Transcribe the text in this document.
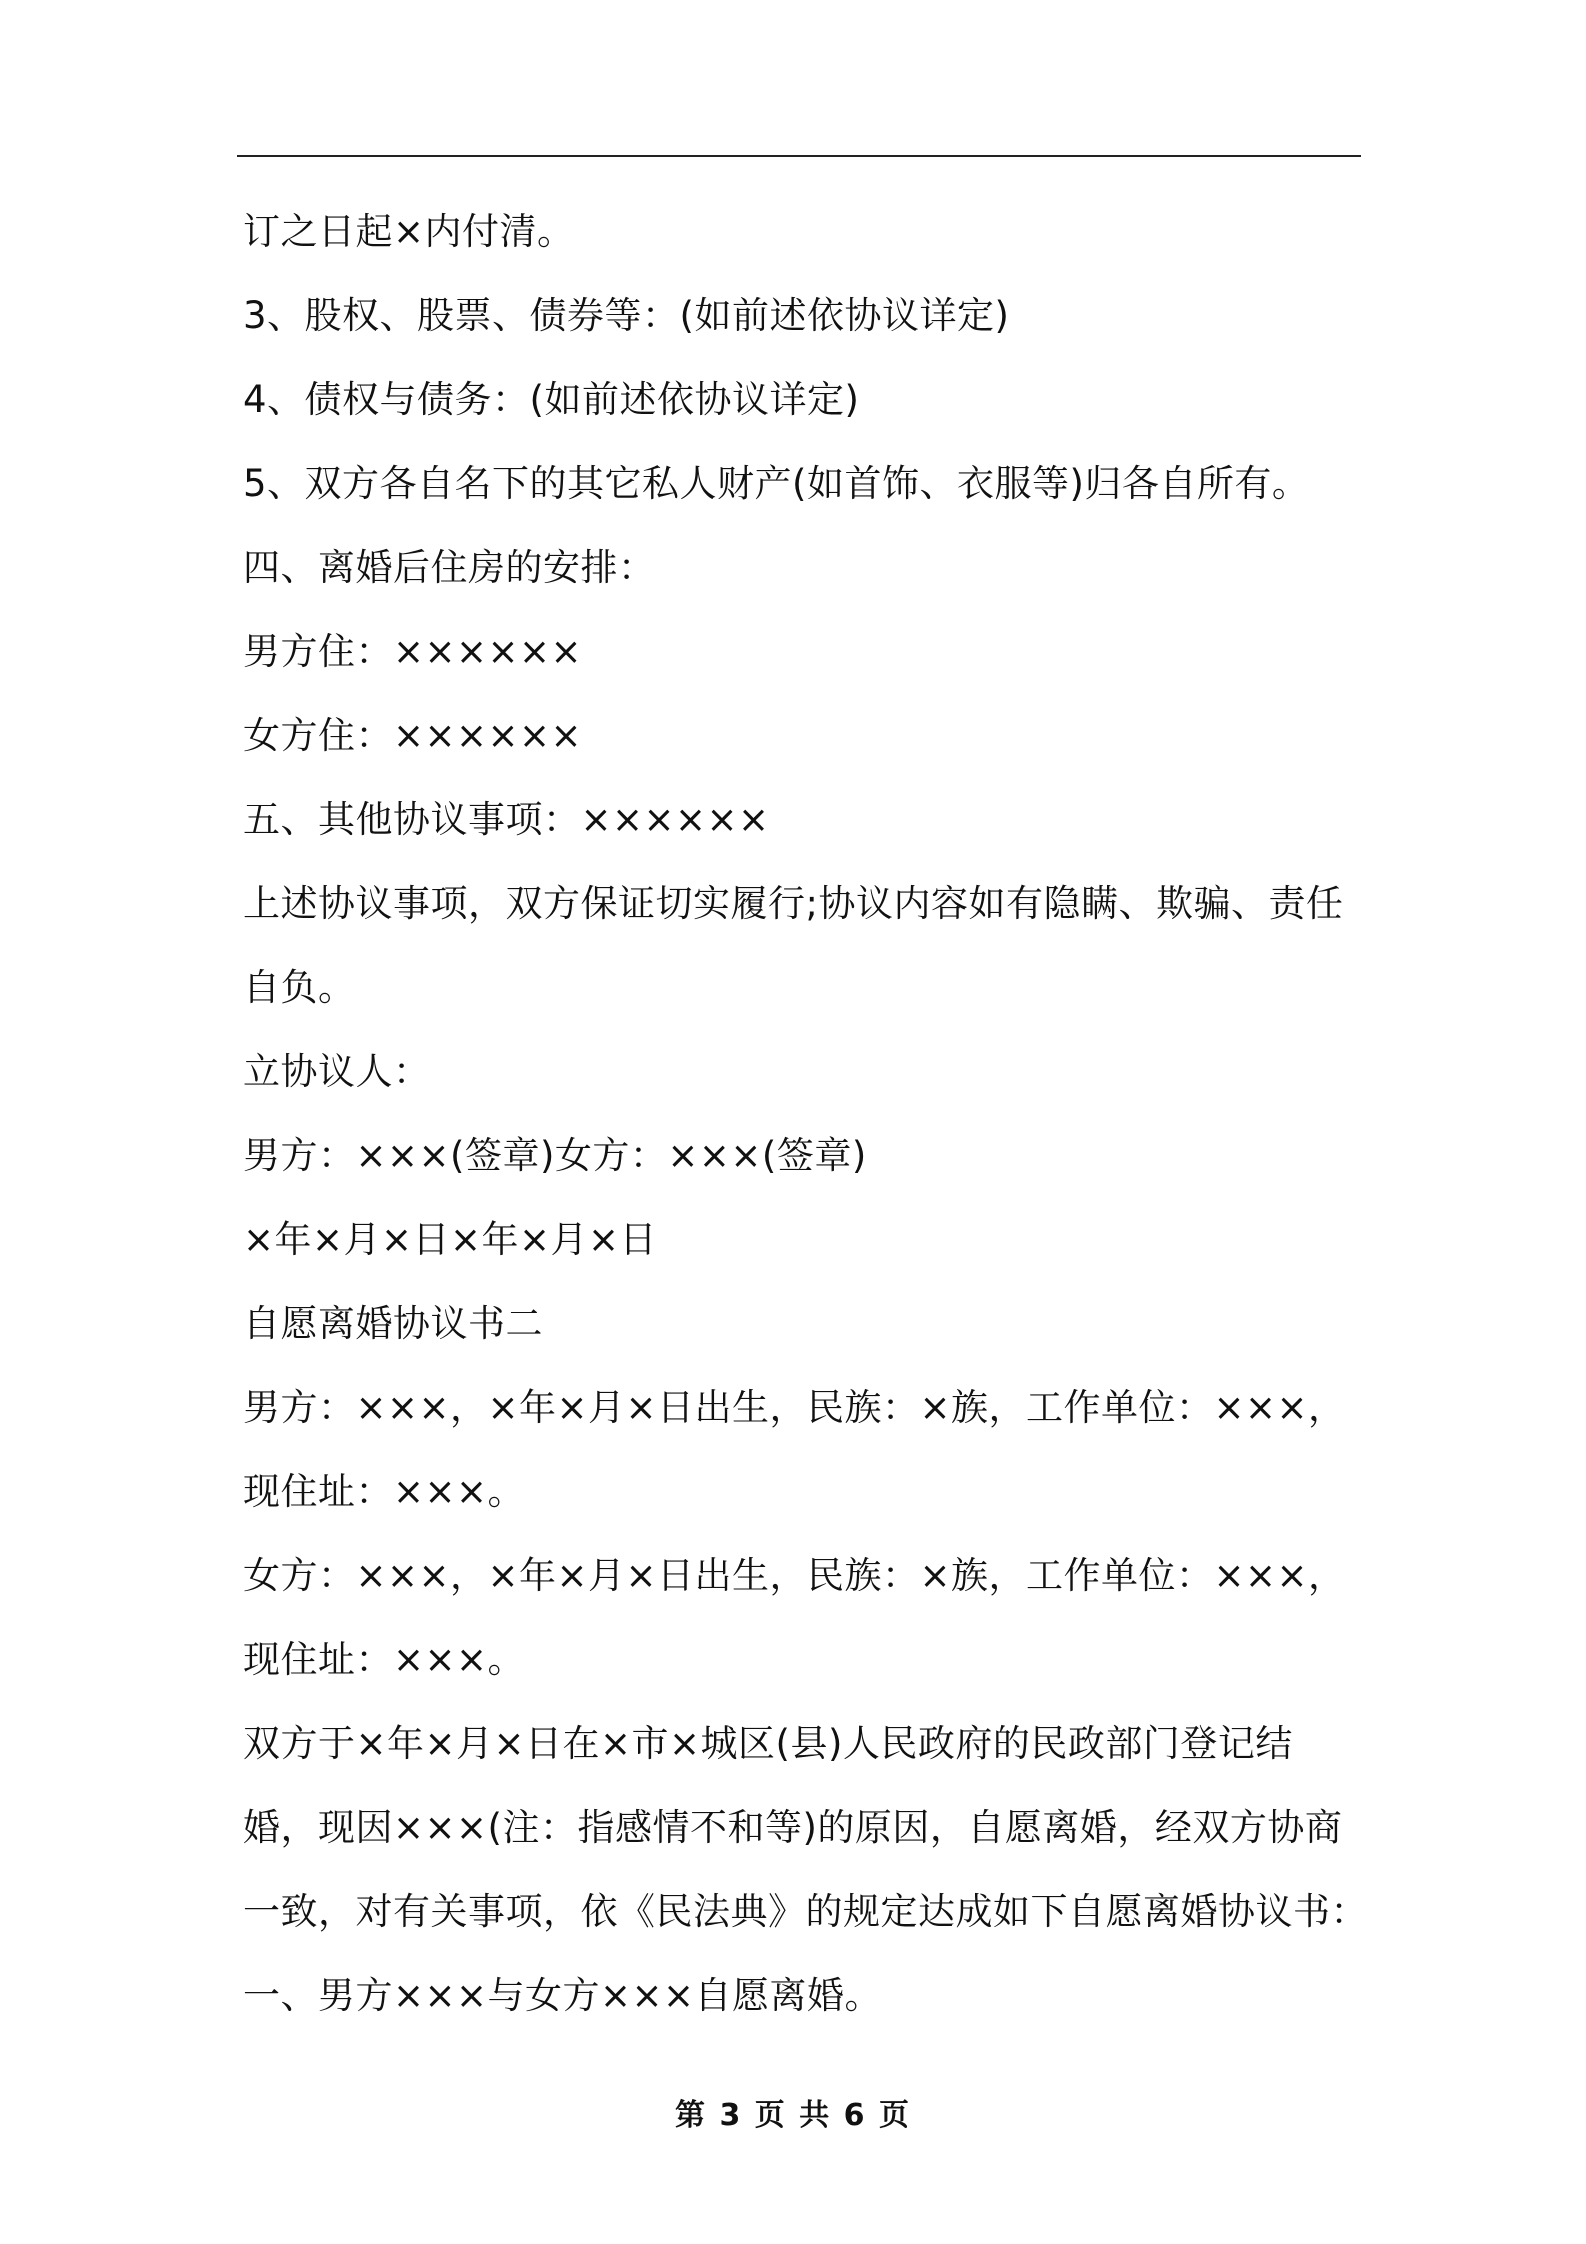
订之日起×内付清。
3、股权、股票、债券等：(如前述依协议详定)
4、债权与债务：(如前述依协议详定)
5、双方各自名下的其它私人财产(如首饰、衣服等)归各自所有。
四、离婚后住房的安排：
男方住：××××××
女方住：××××××
五、其他协议事项：××××××
上述协议事项，双方保证切实履行;协议内容如有隐瞒、欺骗、责任
自负。
立协议人：
男方：×××(签章)女方：×××(签章)
×年×月×日×年×月×日
自愿离婚协议书二
男方：×××，×年×月×日出生，民族：×族，工作单位：×××，
现住址：×××。
女方：×××，×年×月×日出生，民族：×族，工作单位：×××，
现住址：×××。
双方于×年×月×日在×市×城区(县)人民政府的民政部门登记结
婚，现因×××(注：指感情不和等)的原因，自愿离婚，经双方协商
一致，对有关事项，依《民法典》的规定达成如下自愿离婚协议书：
一、男方×××与女方×××自愿离婚。
第 3 页 共 6 页
